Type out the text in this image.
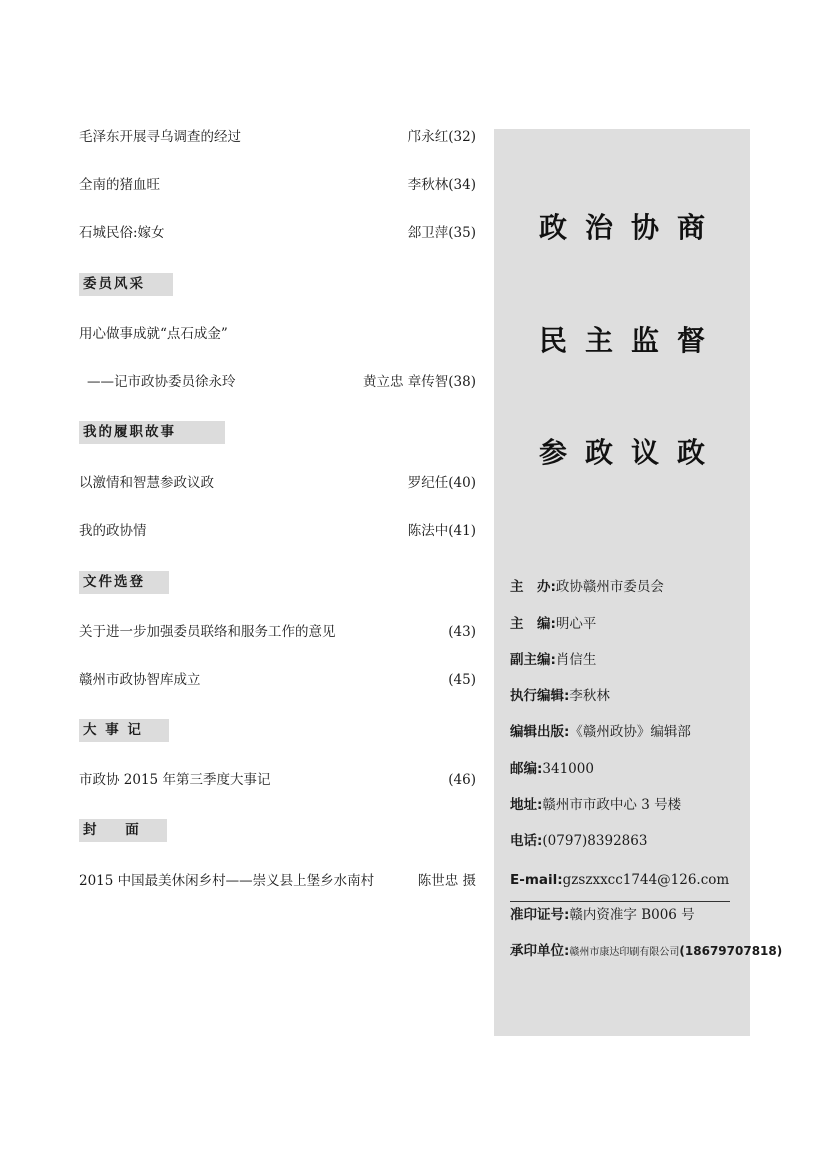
毛泽东开展寻乌调查的经过	邝永红(32)
全南的猪血旺	李秋林(34)
石城民俗:嫁女	郐卫萍(35)
委员风采
用心做事成就“点石成金”
——记市政协委员徐永玲	黄立忠 章传智(38)
我的履职故事
以激情和智慧参政议政	罗纪任(40)
我的政协情	陈法中(41)
文件选登
关于进一步加强委员联络和服务工作的意见	(43)
赣州市政协智库成立	(45)
大 事 记
市政协 2015 年第三季度大事记	(46)
封    面
2015 中国最美休闲乡村——崇义县上堡乡水南村	陈世忠 摄
政治协商
民主监督
参政议政
主　办:政协赣州市委员会
主　编:明心平
副主编:肖信生
执行编辑:李秋林
编辑出版:《赣州政协》编辑部
邮编:341000
地址:赣州市市政中心 3 号楼
电话:(0797)8392863
E-mail:gzszxxcc1744@126.com
准印证号:赣内资准字 B006 号
承印单位:赣州市康达印刷有限公司(18679707818)
